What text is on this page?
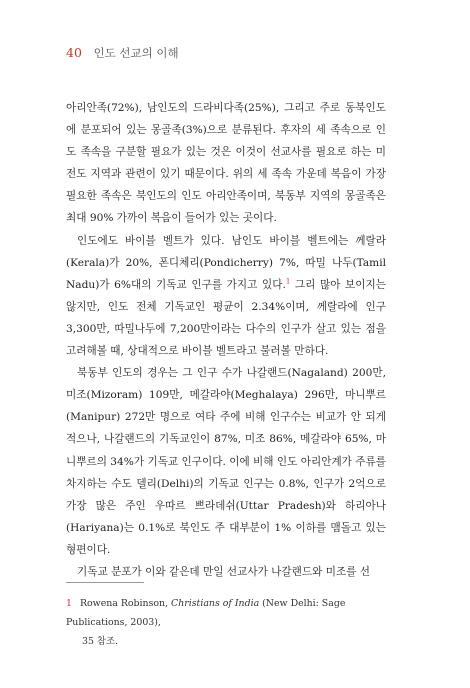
40 인도 선교의 이해

아리안족(72%), 남인도의 드라비다족(25%), 그리고 주로 동북인도에 분포되어 있는 몽골족(3%)으로 분류된다. 후자의 세 족속으로 인도 족속을 구분할 필요가 있는 것은 이것이 선교사를 필요로 하는 미전도 지역과 관련이 있기 때문이다. 위의 세 족속 가운데 복음이 가장 필요한 족속은 북인도의 인도 아리안족이며, 북동부 지역의 몽골족은 최대 90% 가까이 복음이 들어가 있는 곳이다.

인도에도 바이블 벨트가 있다. 남인도 바이블 벨트에는 께랄라(Kerala)가 20%, 폰디체리(Pondicherry) 7%, 따밀 나두(Tamil Nadu)가 6%대의 기독교 인구를 가지고 있다.$^1$ 그리 많아 보이지는 않지만, 인도 전체 기독교인 평균이 2.34%이며, 께랄라에 인구 3,300만, 따밀나두에 7,200만이라는 다수의 인구가 살고 있는 점을 고려해볼 때, 상대적으로 바이블 벨트라고 불러볼 만하다.

북동부 인도의 경우는 그 인구 수가 나갈랜드(Nagaland) 200만, 미조(Mizoram) 109만, 메갈라야(Meghalaya) 296만, 마니뿌르(Manipur) 272만 명으로 여타 주에 비해 인구수는 비교가 안 되게 적으나, 나갈랜드의 기독교인이 87%, 미조 86%, 메갈라야 65%, 마니뿌르의 34%가 기독교 인구이다. 이에 비해 인도 아리안계가 주류를 차지하는 수도 델리(Delhi)의 기독교 인구는 0.8%, 인구가 2억으로 가장 많은 주인 우따르 쁘라데쉬(Uttar Pradesh)와 하리아나(Hariyana)는 0.1%로 북인도 주 대부분이 1% 이하를 맴돌고 있는 형편이다.

기독교 분포가 이와 같은데 만일 선교사가 나갈랜드와 미조를 선

1 Rowena Robinson, Christians of India (New Delhi: Sage Publications, 2003),
35 참조.
